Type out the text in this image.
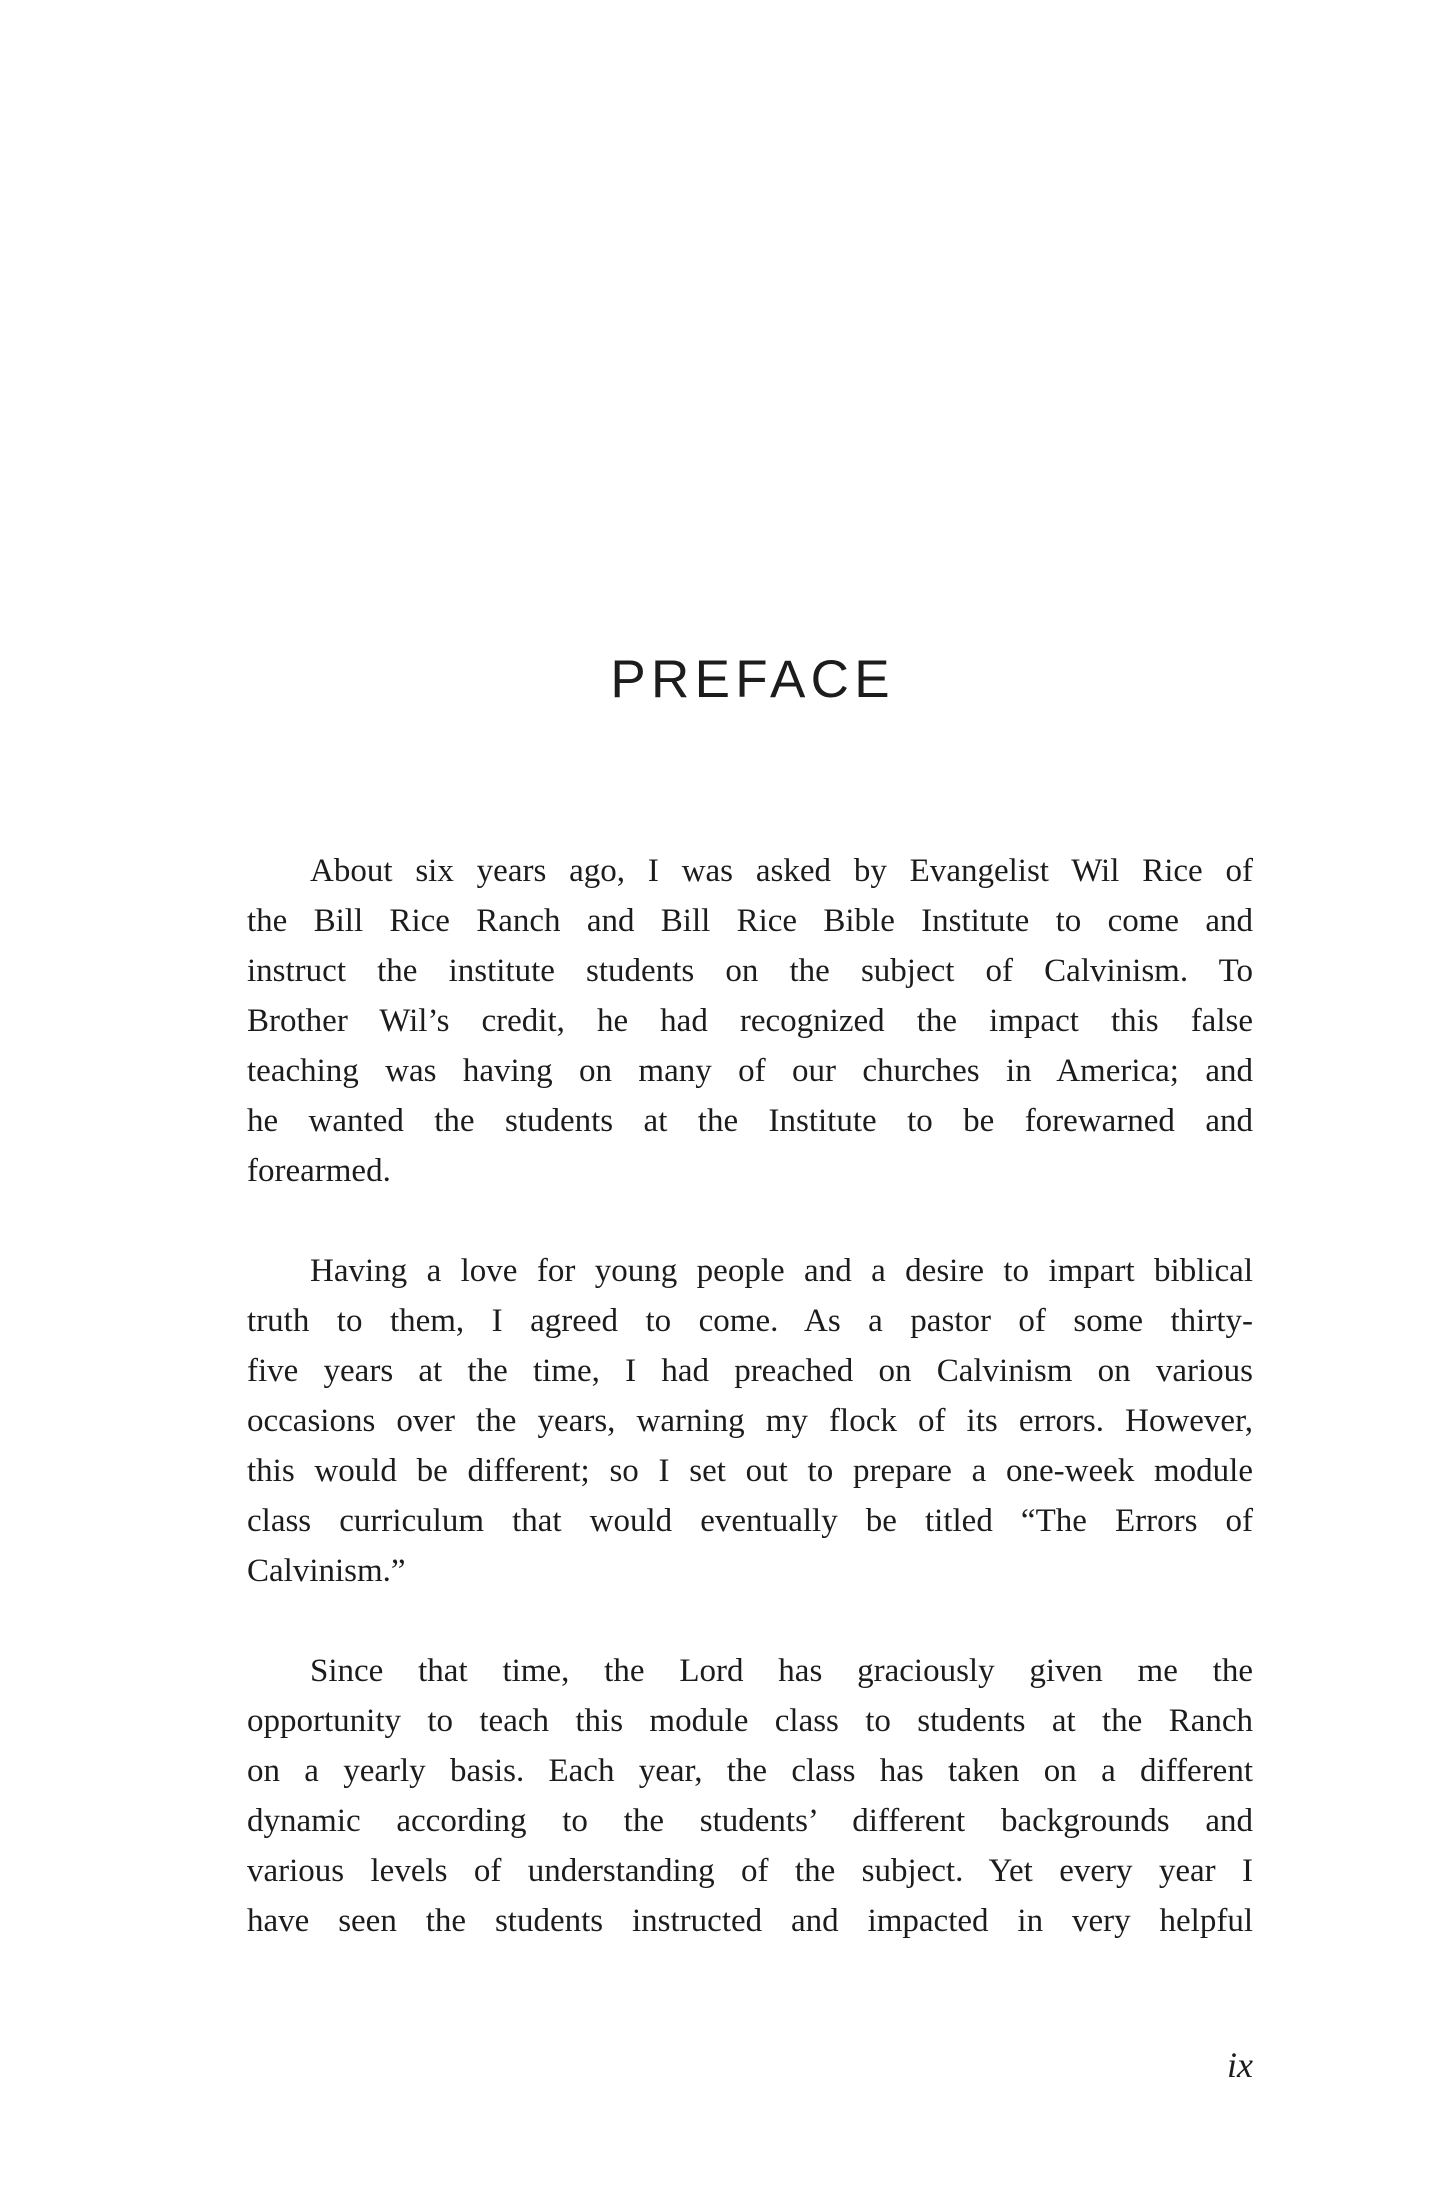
PREFACE

About six years ago, I was asked by Evangelist Wil Rice of
the Bill Rice Ranch and Bill Rice Bible Institute to come and
instruct the institute students on the subject of Calvinism. To
Brother Wil’s credit, he had recognized the impact this false
teaching was having on many of our churches in America; and
he wanted the students at the Institute to be forewarned and
forearmed.

Having a love for young people and a desire to impart biblical
truth to them, I agreed to come. As a pastor of some thirty-
five years at the time, I had preached on Calvinism on various
occasions over the years, warning my flock of its errors. However,
this would be different; so I set out to prepare a one-week module
class curriculum that would eventually be titled “The Errors of
Calvinism.”

Since that time, the Lord has graciously given me the
opportunity to teach this module class to students at the Ranch
on a yearly basis. Each year, the class has taken on a different
dynamic according to the students’ different backgrounds and
various levels of understanding of the subject. Yet every year I
have seen the students instructed and impacted in very helpful

ix
